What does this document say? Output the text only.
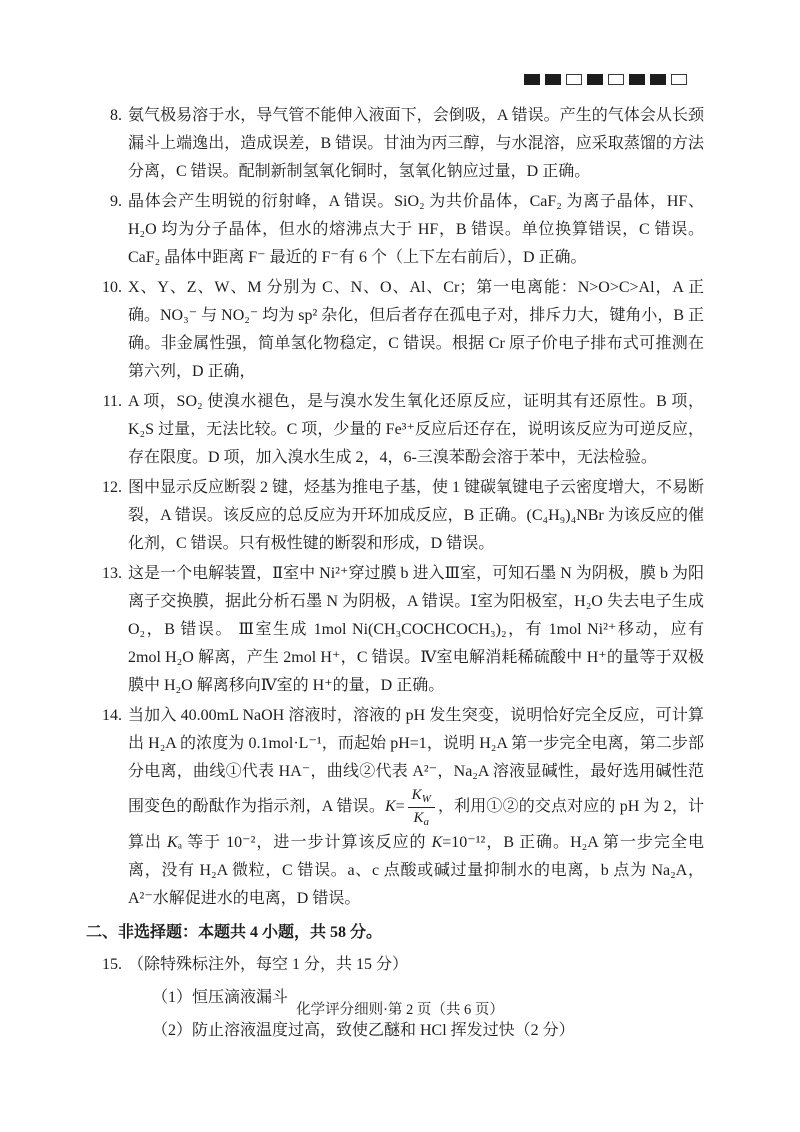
8. 氨气极易溶于水，导气管不能伸入液面下，会倒吸，A 错误。产生的气体会从长颈漏斗上端逸出，造成误差，B 错误。甘油为丙三醇，与水混溶，应采取蒸馏的方法分离，C 错误。配制新制氢氧化铜时，氢氧化钠应过量，D 正确。
9. 晶体会产生明锐的衍射峰，A 错误。SiO₂ 为共价晶体，CaF₂ 为离子晶体，HF、H₂O 均为分子晶体，但水的熔沸点大于 HF，B 错误。单位换算错误，C 错误。CaF₂ 晶体中距离 F⁻ 最近的 F⁻有 6 个（上下左右前后），D 正确。
10. X、Y、Z、W、M 分别为 C、N、O、Al、Cr；第一电离能：N>O>C>Al，A 正确。NO₃⁻ 与 NO₂⁻ 均为 sp² 杂化，但后者存在孤电子对，排斥力大，键角小，B 正确。非金属性强，简单氢化物稳定，C 错误。根据 Cr 原子价电子排布式可推测在第六列，D 正确，
11. A 项，SO₂ 使溴水褪色，是与溴水发生氧化还原反应，证明其有还原性。B 项，K₂S 过量，无法比较。C 项，少量的 Fe³⁺反应后还存在，说明该反应为可逆反应，存在限度。D 项，加入溴水生成 2，4，6-三溴苯酚会溶于苯中，无法检验。
12. 图中显示反应断裂 2 键，烃基为推电子基，使 1 键碳氧键电子云密度增大，不易断裂，A 错误。该反应的总反应为开环加成反应，B 正确。(C₄H₉)₄NBr 为该反应的催化剂，C 错误。只有极性键的断裂和形成，D 错误。
13. 这是一个电解装置，Ⅱ室中 Ni²⁺穿过膜 b 进入Ⅲ室，可知石墨 N 为阴极，膜 b 为阳离子交换膜，据此分析石墨 N 为阴极，A 错误。Ⅰ室为阳极室，H₂O 失去电子生成 O₂，B 错误。 Ⅲ室生成 1mol Ni(CH₃COCHCOCH₃)₂，有 1mol Ni²⁺移动，应有 2mol H₂O 解离，产生 2mol H⁺，C 错误。Ⅳ室电解消耗稀硫酸中 H⁺的量等于双极膜中 H₂O 解离移向Ⅳ室的 H⁺的量，D 正确。
14. 当加入 40.00mL NaOH 溶液时，溶液的 pH 发生突变，说明恰好完全反应，可计算出 H₂A 的浓度为 0.1mol·L⁻¹，而起始 pH=1，说明 H₂A 第一步完全电离，第二步部分电离，曲线①代表 HA⁻，曲线②代表 A²⁻，Na₂A 溶液显碱性，最好选用碱性范围变色的酚酞作为指示剂，A 错误。$K= \frac{K_W}{K_a}$ ，利用①②的交点对应的 pH 为 2，计算出 Kₐ 等于 10⁻²，进一步计算该反应的 K=10⁻¹²，B 正确。H₂A 第一步完全电离，没有 H₂A 微粒，C 错误。a、c 点酸或碱过量抑制水的电离，b 点为 Na₂A，A²⁻水解促进水的电离，D 错误。
二、非选择题：本题共 4 小题，共 58 分。
15. （除特殊标注外，每空 1 分，共 15 分）
（1）恒压滴液漏斗
（2）防止溶液温度过高，致使乙醚和 HCl 挥发过快（2 分）
化学评分细则·第 2 页（共 6 页）
